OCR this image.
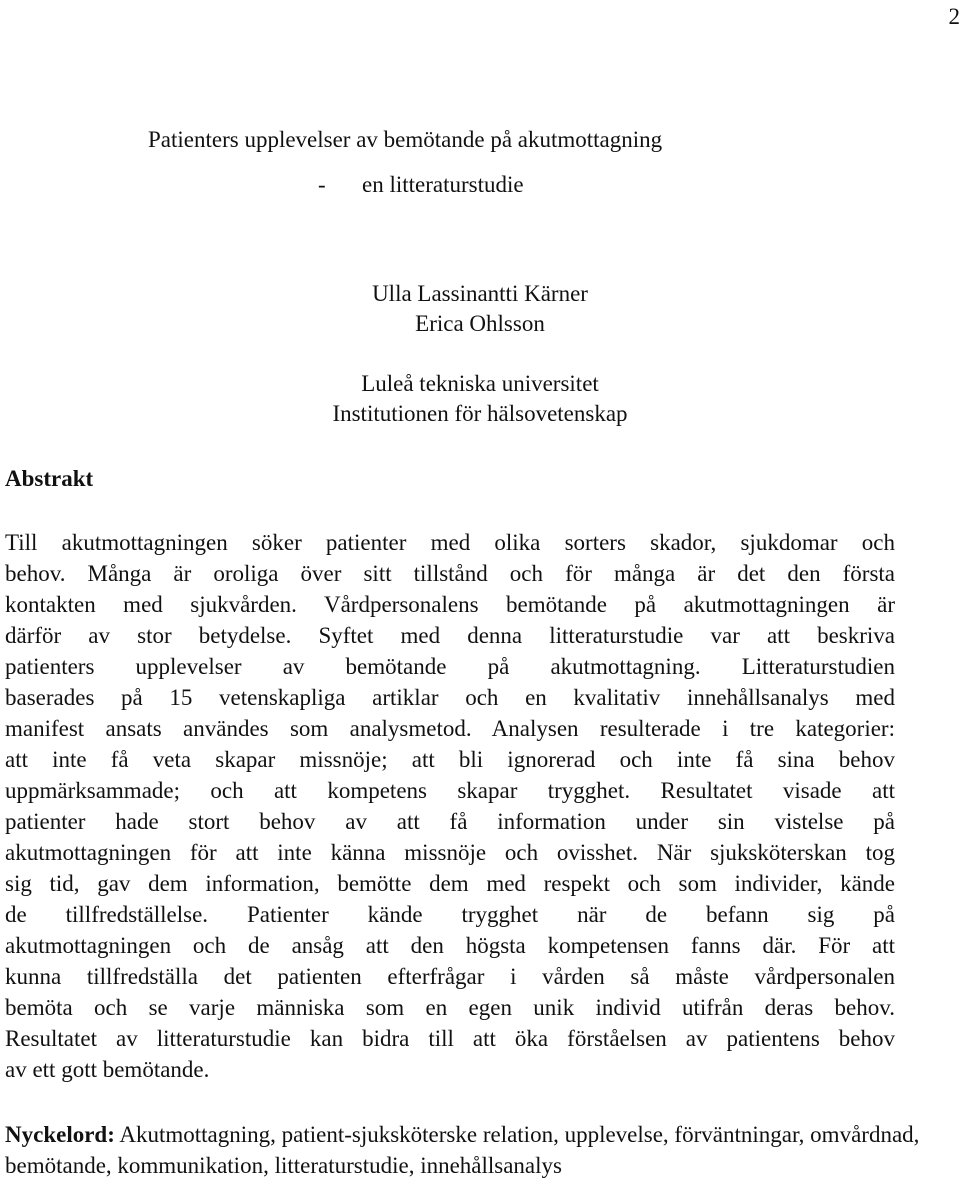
2
Patienters upplevelser av bemötande på akutmottagning
- en litteraturstudie
Ulla Lassinantti Kärner
Erica Ohlsson
Luleå tekniska universitet
Institutionen för hälsovetenskap
Abstrakt
Till akutmottagningen söker patienter med olika sorters skador, sjukdomar och
behov. Många är oroliga över sitt tillstånd och för många är det den första
kontakten med sjukvården. Vårdpersonalens bemötande på akutmottagningen är
därför av stor betydelse. Syftet med denna litteraturstudie var att beskriva
patienters upplevelser av bemötande på akutmottagning. Litteraturstudien
baserades på 15 vetenskapliga artiklar och en kvalitativ innehållsanalys med
manifest ansats användes som analysmetod. Analysen resulterade i tre kategorier:
att inte få veta skapar missnöje; att bli ignorerad och inte få sina behov
uppmärksammade; och att kompetens skapar trygghet. Resultatet visade att
patienter hade stort behov av att få information under sin vistelse på
akutmottagningen för att inte känna missnöje och ovisshet. När sjuksköterskan tog
sig tid, gav dem information, bemötte dem med respekt och som individer, kände
de tillfredställelse. Patienter kände trygghet när de befann sig på
akutmottagningen och de ansåg att den högsta kompetensen fanns där. För att
kunna tillfredställa det patienten efterfrågar i vården så måste vårdpersonalen
bemöta och se varje människa som en egen unik individ utifrån deras behov.
Resultatet av litteraturstudie kan bidra till att öka förståelsen av patientens behov
av ett gott bemötande.
Nyckelord: Akutmottagning, patient-sjuksköterske relation, upplevelse, förväntningar, omvårdnad, bemötande, kommunikation, litteraturstudie, innehållsanalys
